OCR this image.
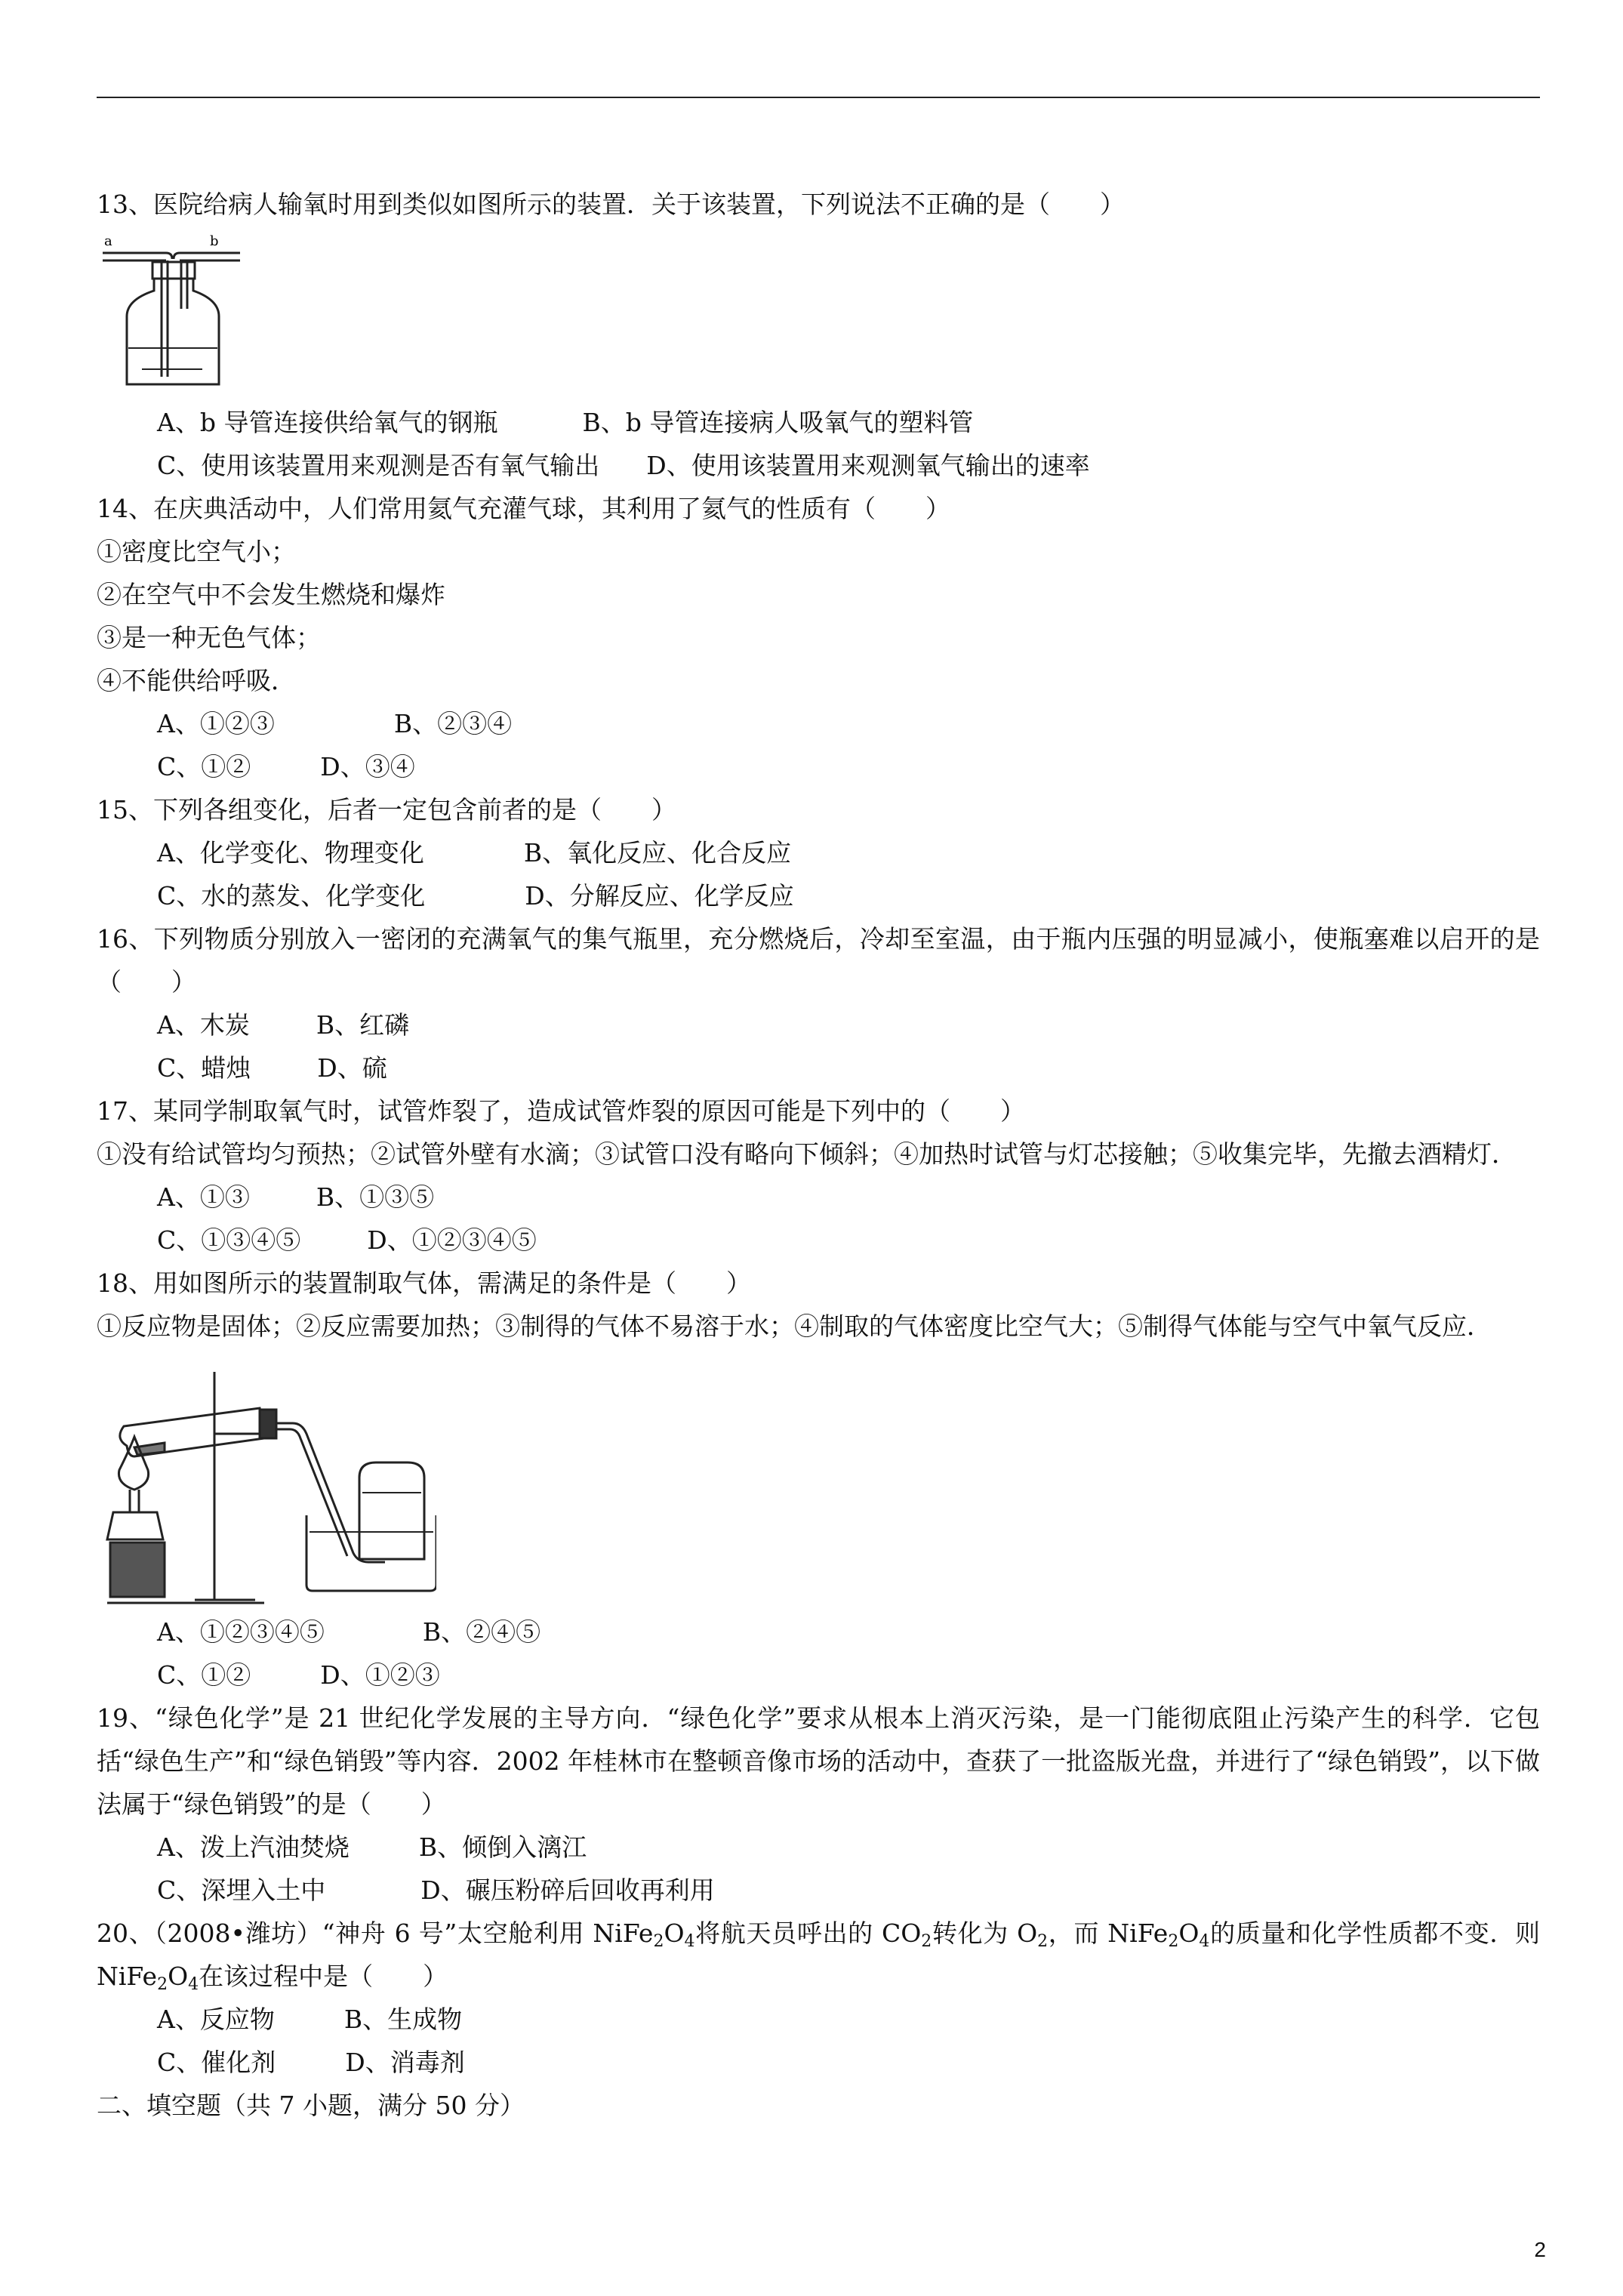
13、医院给病人输氧时用到类似如图所示的装置．关于该装置，下列说法不正确的是（　　）
a	b
A、b 导管连接供给氧气的钢瓶	B、b 导管连接病人吸氧气的塑料管
C、使用该装置用来观测是否有氧气输出 D、使用该装置用来观测氧气输出的速率
14、在庆典活动中，人们常用氦气充灌气球，其利用了氦气的性质有（　　）
①密度比空气小；
②在空气中不会发生燃烧和爆炸
③是一种无色气体；
④不能供给呼吸．
A、①②③	B、②③④
C、①②	D、③④
15、下列各组变化，后者一定包含前者的是（　　）
A、化学变化、物理变化	B、氧化反应、化合反应
C、水的蒸发、化学变化	D、分解反应、化学反应
16、下列物质分别放入一密闭的充满氧气的集气瓶里，充分燃烧后，冷却至室温，由于瓶内压强的明显减小，使瓶塞难以启开的是（　　）
A、木炭	B、红磷
C、蜡烛	D、硫
17、某同学制取氧气时，试管炸裂了，造成试管炸裂的原因可能是下列中的（　　）
①没有给试管均匀预热；②试管外壁有水滴；③试管口没有略向下倾斜；④加热时试管与灯芯接触；⑤收集完毕，先撤去酒精灯．
A、①③	B、①③⑤
C、①③④⑤	D、①②③④⑤
18、用如图所示的装置制取气体，需满足的条件是（　　）
①反应物是固体；②反应需要加热；③制得的气体不易溶于水；④制取的气体密度比空气大；⑤制得气体能与空气中氧气反应．
A、①②③④⑤	B、②④⑤
C、①②	D、①②③
19、“绿色化学”是 21 世纪化学发展的主导方向．“绿色化学”要求从根本上消灭污染，是一门能彻底阻止污染产生的科学．它包括“绿色生产”和“绿色销毁”等内容．2002 年桂林市在整顿音像市场的活动中，查获了一批盗版光盘，并进行了“绿色销毁”，以下做法属于“绿色销毁”的是（　　）
A、泼上汽油焚烧	B、倾倒入漓江
C、深埋入土中	D、碾压粉碎后回收再利用
20、（2008•潍坊）“神舟 6 号”太空舱利用 $NiFe_2O_4$将航天员呼出的 $CO_2$转化为 $O_2$，而 $NiFe_2O_4$的质量和化学性质都不变．则 $NiFe_2O_4$在该过程中是（　　）
A、反应物	B、生成物
C、催化剂	D、消毒剂
二、填空题（共 7 小题，满分 50 分）
2
